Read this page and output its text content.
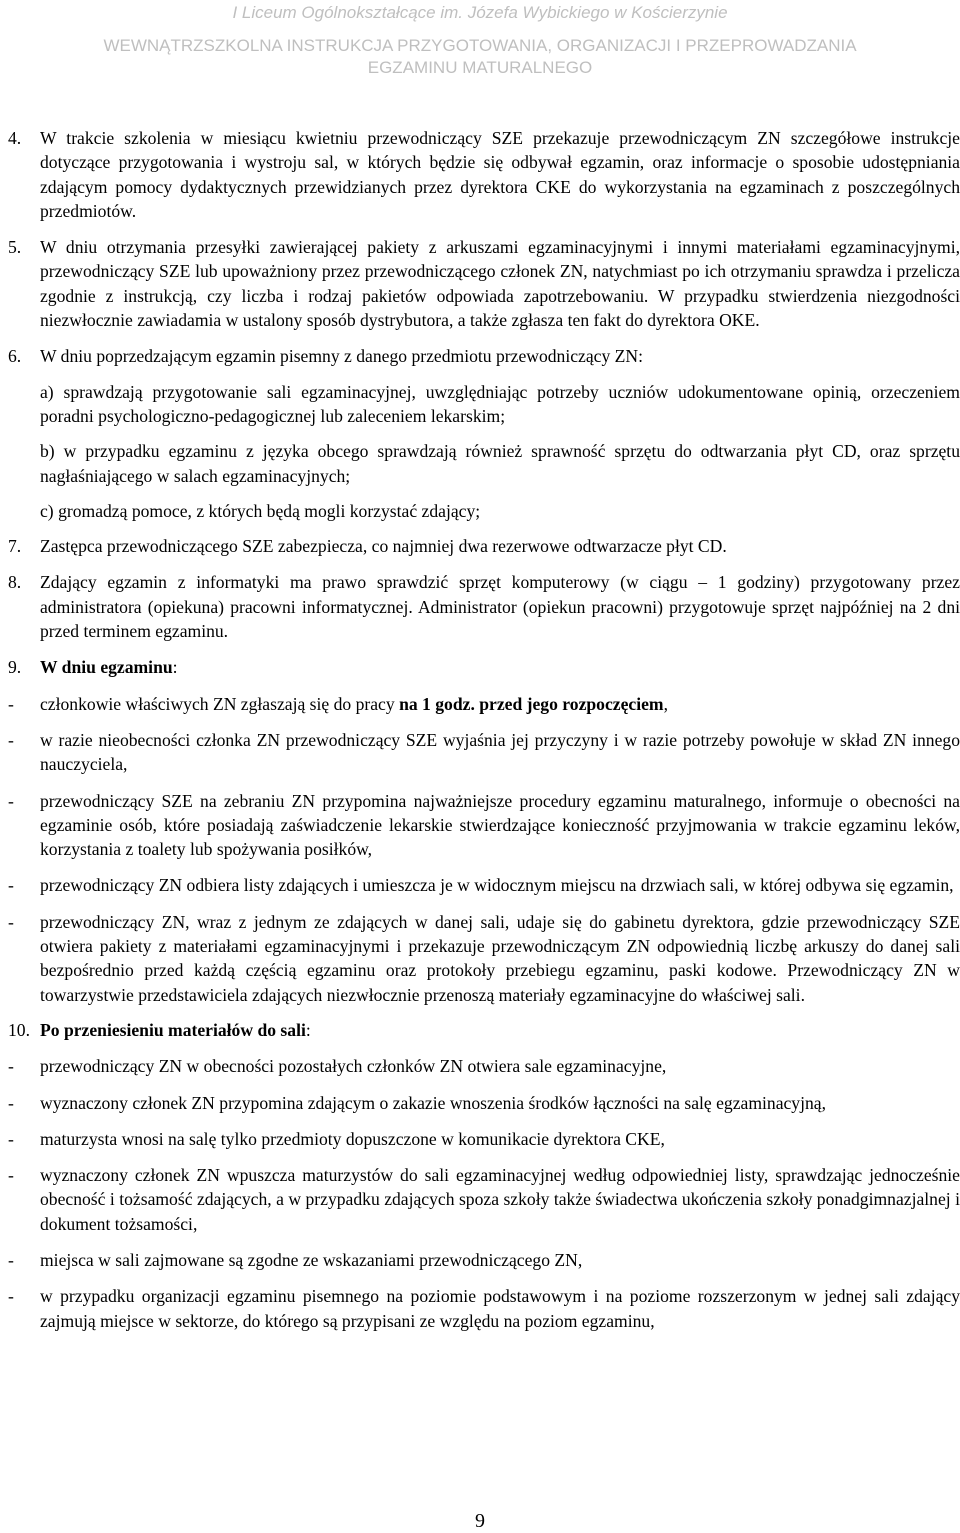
I Liceum Ogólnokształcące im. Józefa Wybickiego w Kościerzynie
WEWNĄTRZSZKOLNA INSTRUKCJA PRZYGOTOWANIA, ORGANIZACJI I PRZEPROWADZANIA
EGZAMINU MATURALNEGO
4. W trakcie szkolenia w miesiącu kwietniu przewodniczący SZE przekazuje przewodniczącym ZN szczegółowe instrukcje dotyczące przygotowania i wystroju sal, w których będzie się odbywał egzamin, oraz informacje o sposobie udostępniania zdającym pomocy dydaktycznych przewidzianych przez dyrektora CKE do wykorzystania na egzaminach z poszczególnych przedmiotów.
5. W dniu otrzymania przesyłki zawierającej pakiety z arkuszami egzaminacyjnymi i innymi materiałami egzaminacyjnymi, przewodniczący SZE lub upoważniony przez przewodniczącego członek ZN, natychmiast po ich otrzymaniu sprawdza i przelicza zgodnie z instrukcją, czy liczba i rodzaj pakietów odpowiada zapotrzebowaniu. W przypadku stwierdzenia niezgodności niezwłocznie zawiadamia w ustalony sposób dystrybutora, a także zgłasza ten fakt do dyrektora OKE.
6. W dniu poprzedzającym egzamin pisemny z danego przedmiotu przewodniczący ZN:
a) sprawdzają przygotowanie sali egzaminacyjnej, uwzględniając potrzeby uczniów udokumentowane opinią, orzeczeniem poradni psychologiczno-pedagogicznej lub zaleceniem lekarskim;
b) w przypadku egzaminu z języka obcego sprawdzają również sprawność sprzętu do odtwarzania płyt CD, oraz sprzętu nagłaśniającego w salach egzaminacyjnych;
c) gromadzą pomoce, z których będą mogli korzystać zdający;
7. Zastępca przewodniczącego SZE zabezpiecza, co najmniej dwa rezerwowe odtwarzacze płyt CD.
8. Zdający egzamin z informatyki ma prawo sprawdzić sprzęt komputerowy (w ciągu – 1 godziny) przygotowany przez administratora (opiekuna) pracowni informatycznej. Administrator (opiekun pracowni) przygotowuje sprzęt najpóźniej na 2 dni przed terminem egzaminu.
9. W dniu egzaminu:
- członkowie właściwych ZN zgłaszają się do pracy na 1 godz. przed jego rozpoczęciem,
- w razie nieobecności członka ZN przewodniczący SZE wyjaśnia jej przyczyny i w razie potrzeby powołuje w skład ZN innego nauczyciela,
- przewodniczący SZE na zebraniu ZN przypomina najważniejsze procedury egzaminu maturalnego, informuje o obecności na egzaminie osób, które posiadają zaświadczenie lekarskie stwierdzające konieczność przyjmowania w trakcie egzaminu leków, korzystania z toalety lub spożywania posiłków,
- przewodniczący ZN odbiera listy zdających i umieszcza je w widocznym miejscu na drzwiach sali, w której odbywa się egzamin,
- przewodniczący ZN, wraz z jednym ze zdających w danej sali, udaje się do gabinetu dyrektora, gdzie przewodniczący SZE otwiera pakiety z materiałami egzaminacyjnymi i przekazuje przewodniczącym ZN odpowiednią liczbę arkuszy do danej sali bezpośrednio przed każdą częścią egzaminu oraz protokoły przebiegu egzaminu, paski kodowe. Przewodniczący ZN w towarzystwie przedstawiciela zdających niezwłocznie przenoszą materiały egzaminacyjne do właściwej sali.
10. Po przeniesieniu materiałów do sali:
- przewodniczący ZN w obecności pozostałych członków ZN otwiera sale egzaminacyjne,
- wyznaczony członek ZN przypomina zdającym o zakazie wnoszenia środków łączności na salę egzaminacyjną,
- maturzysta wnosi na salę tylko przedmioty dopuszczone w komunikacie dyrektora CKE,
- wyznaczony członek ZN wpuszcza maturzystów do sali egzaminacyjnej według odpowiedniej listy, sprawdzając jednocześnie obecność i tożsamość zdających, a w przypadku zdających spoza szkoły także świadectwa ukończenia szkoły ponadgimnazjalnej i dokument tożsamości,
- miejsca w sali zajmowane są zgodne ze wskazaniami przewodniczącego ZN,
- w przypadku organizacji egzaminu pisemnego na poziomie podstawowym i na poziome rozszerzonym w jednej sali zdający zajmują miejsce w sektorze, do którego są przypisani ze względu na poziom egzaminu,
9
